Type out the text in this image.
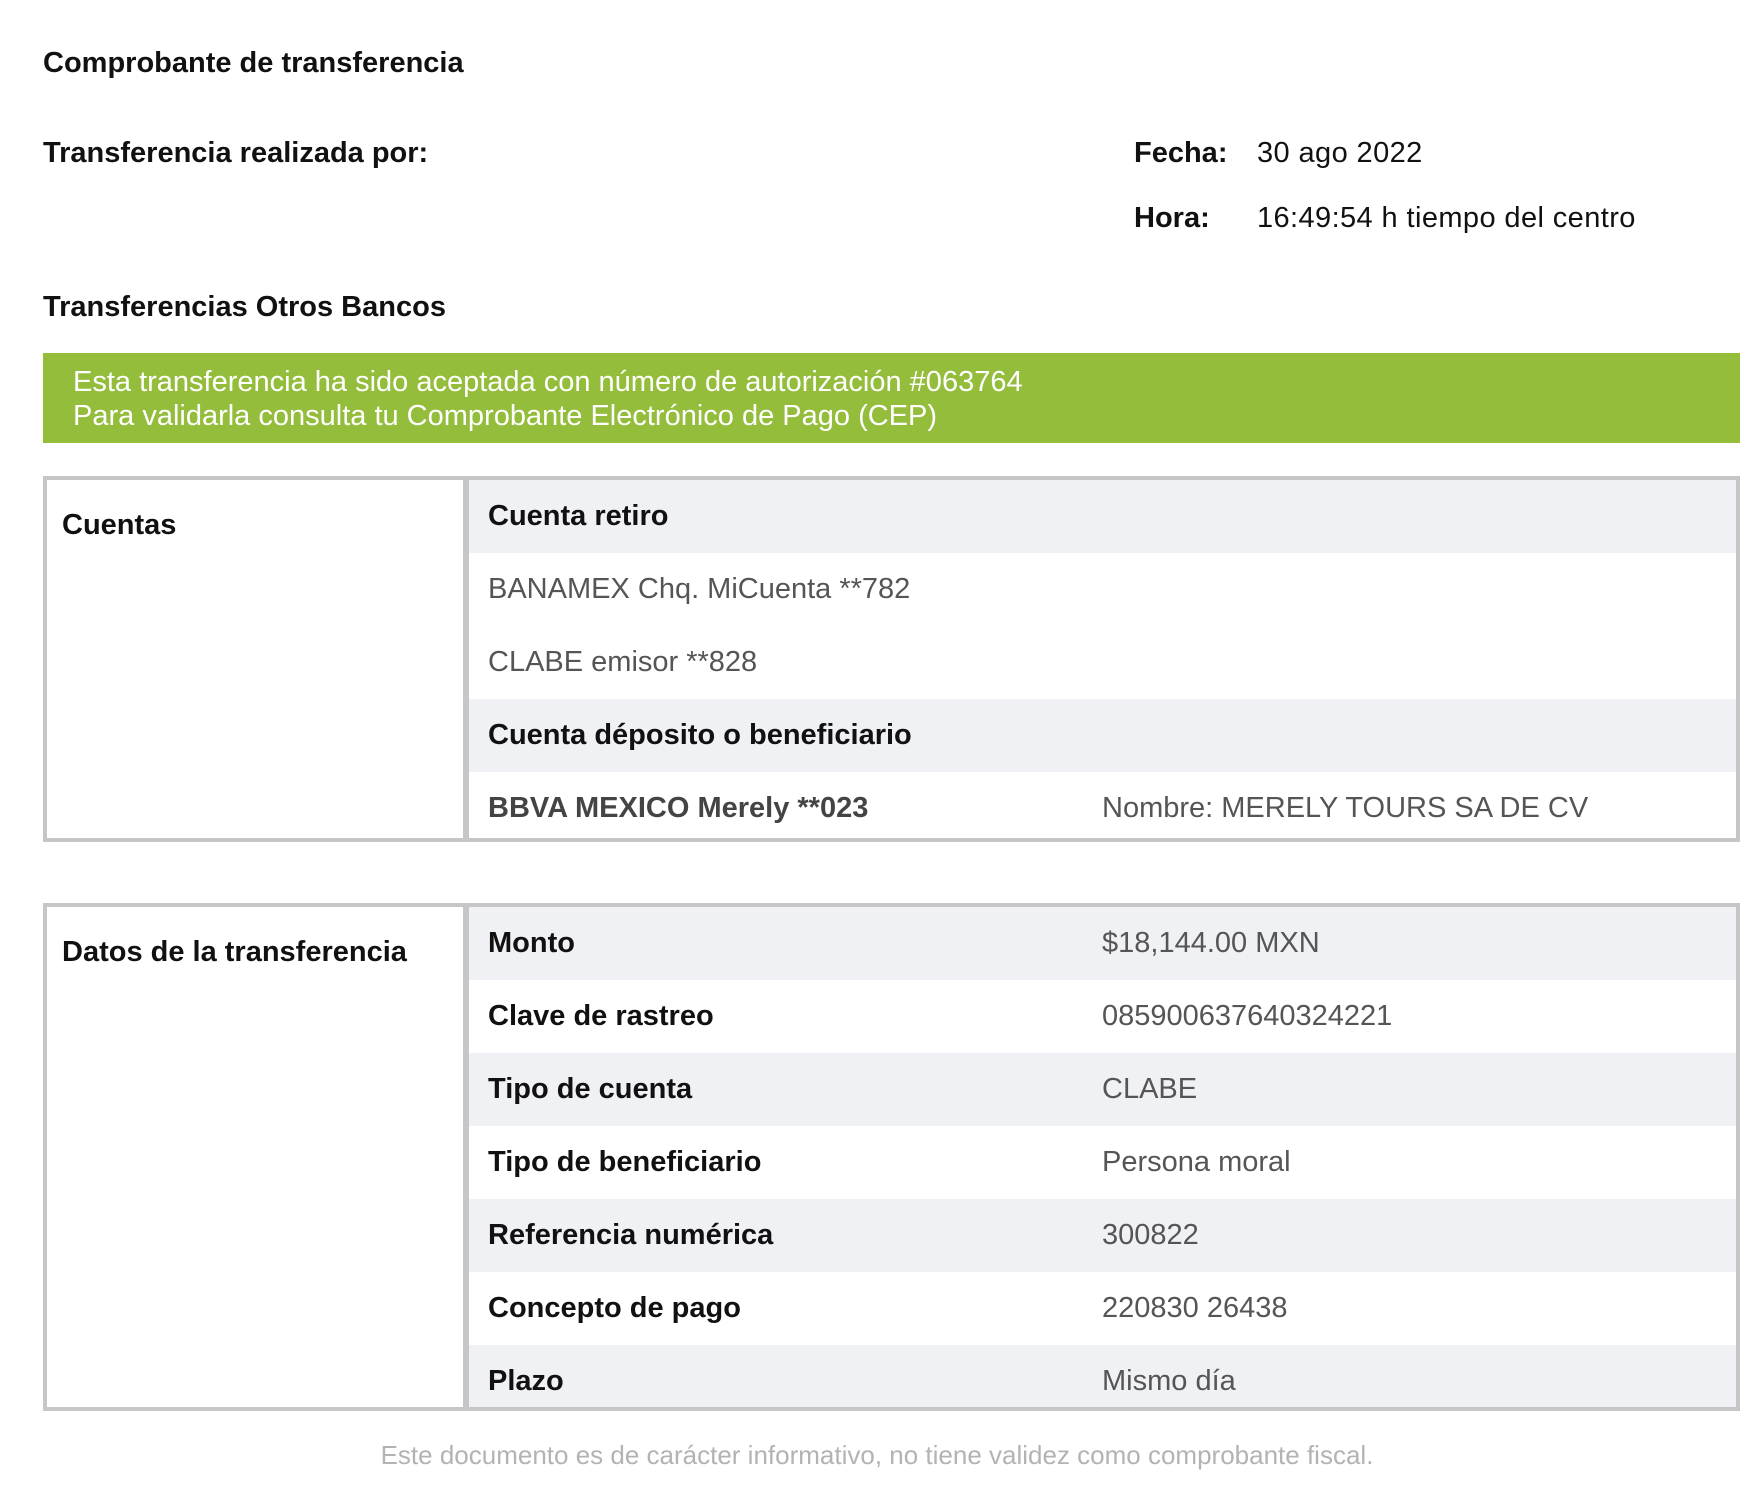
Comprobante de transferencia
Transferencia realizada por:	Fecha: 30 ago 2022
Hora: 16:49:54 h tiempo del centro
Transferencias Otros Bancos
Esta transferencia ha sido aceptada con número de autorización #063764
Para validarla consulta tu Comprobante Electrónico de Pago (CEP)
Cuentas	Cuenta retiro
BANAMEX Chq. MiCuenta **782
CLABE emisor **828
Cuenta déposito o beneficiario
BBVA MEXICO Merely **023	Nombre: MERELY TOURS SA DE CV
Datos de la transferencia	Monto	$18,144.00 MXN
Clave de rastreo	085900637640324221
Tipo de cuenta	CLABE
Tipo de beneficiario	Persona moral
Referencia numérica	300822
Concepto de pago	220830 26438
Plazo	Mismo día
Este documento es de carácter informativo, no tiene validez como comprobante fiscal.
